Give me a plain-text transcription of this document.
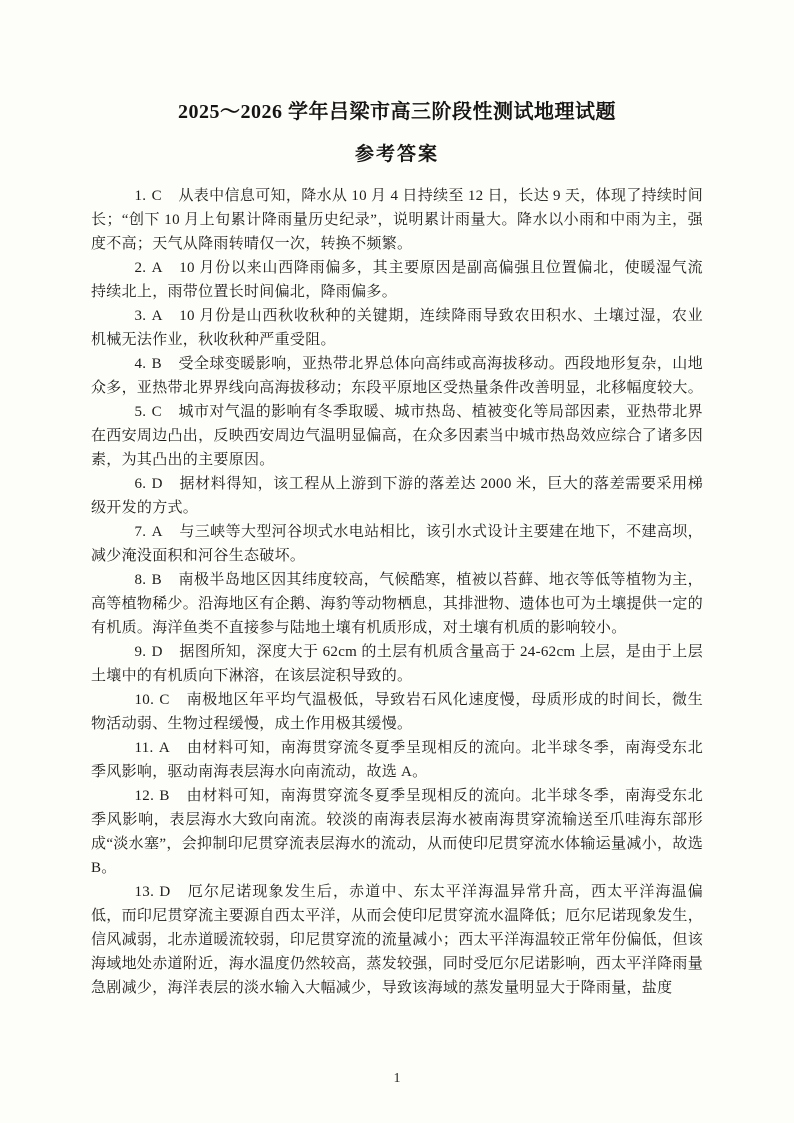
2025～2026 学年吕梁市高三阶段性测试地理试题
参考答案

1. C 从表中信息可知，降水从 10 月 4 日持续至 12 日，长达 9 天，体现了持续时间长；“创下 10 月上旬累计降雨量历史纪录”，说明累计雨量大。降水以小雨和中雨为主，强度不高；天气从降雨转晴仅一次，转换不频繁。

2. A 10 月份以来山西降雨偏多，其主要原因是副高偏强且位置偏北，使暖湿气流持续北上，雨带位置长时间偏北，降雨偏多。

3. A 10 月份是山西秋收秋种的关键期，连续降雨导致农田积水、土壤过湿，农业机械无法作业，秋收秋种严重受阻。

4. B 受全球变暖影响，亚热带北界总体向高纬或高海拔移动。西段地形复杂，山地众多，亚热带北界界线向高海拔移动；东段平原地区受热量条件改善明显，北移幅度较大。

5. C 城市对气温的影响有冬季取暖、城市热岛、植被变化等局部因素，亚热带北界在西安周边凸出，反映西安周边气温明显偏高，在众多因素当中城市热岛效应综合了诸多因素，为其凸出的主要原因。

6. D 据材料得知，该工程从上游到下游的落差达 2000 米，巨大的落差需要采用梯级开发的方式。

7. A 与三峡等大型河谷坝式水电站相比，该引水式设计主要建在地下，不建高坝，减少淹没面积和河谷生态破坏。

8. B 南极半岛地区因其纬度较高，气候酷寒，植被以苔藓、地衣等低等植物为主，高等植物稀少。沿海地区有企鹅、海豹等动物栖息，其排泄物、遗体也可为土壤提供一定的有机质。海洋鱼类不直接参与陆地土壤有机质形成，对土壤有机质的影响较小。

9. D 据图所知，深度大于 62cm 的土层有机质含量高于 24-62cm 上层，是由于上层土壤中的有机质向下淋溶，在该层淀积导致的。

10. C 南极地区年平均气温极低，导致岩石风化速度慢，母质形成的时间长，微生物活动弱、生物过程缓慢，成土作用极其缓慢。

11. A 由材料可知，南海贯穿流冬夏季呈现相反的流向。北半球冬季，南海受东北季风影响，驱动南海表层海水向南流动，故选 A。

12. B 由材料可知，南海贯穿流冬夏季呈现相反的流向。北半球冬季，南海受东北季风影响，表层海水大致向南流。较淡的南海表层海水被南海贯穿流输送至爪哇海东部形成“淡水塞”，会抑制印尼贯穿流表层海水的流动，从而使印尼贯穿流水体输运量减小，故选 B。

13. D 厄尔尼诺现象发生后，赤道中、东太平洋海温异常升高，西太平洋海温偏低，而印尼贯穿流主要源自西太平洋，从而会使印尼贯穿流水温降低；厄尔尼诺现象发生，信风减弱，北赤道暖流较弱，印尼贯穿流的流量减小；西太平洋海温较正常年份偏低，但该海域地处赤道附近，海水温度仍然较高，蒸发较强，同时受厄尔尼诺影响，西太平洋降雨量急剧减少，海洋表层的淡水输入大幅减少，导致该海域的蒸发量明显大于降雨量，盐度

1
